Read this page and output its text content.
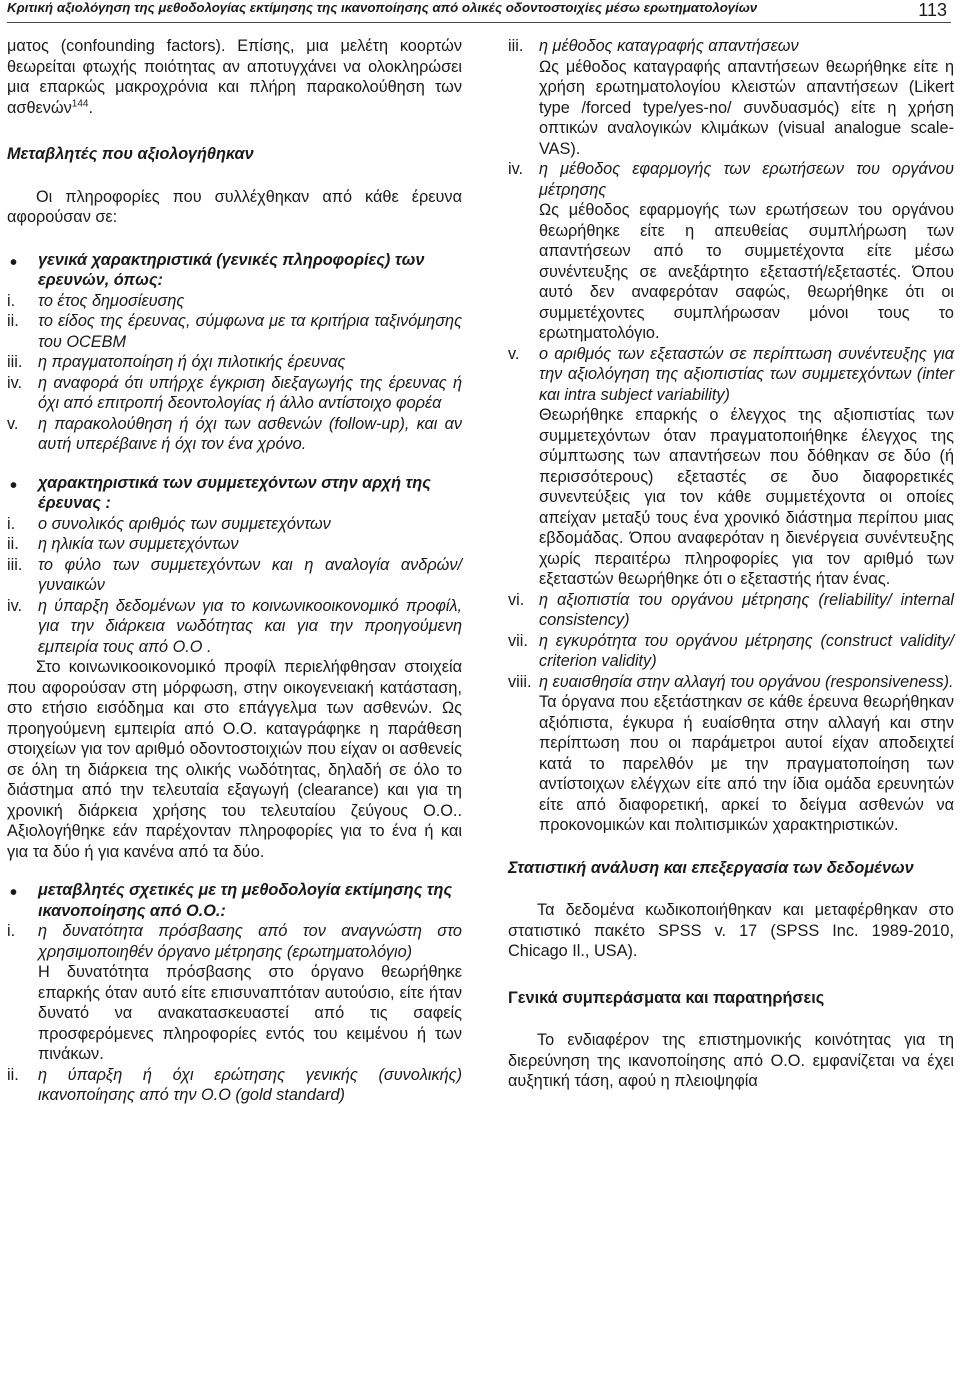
Κριτική αξιολόγηση της μεθοδολογίας εκτίμησης της ικανοποίησης από ολικές οδοντοστοιχίες μέσω ερωτηματολογίων	113

ματος (confounding factors). Επίσης, μια μελέτη κοορτών θεωρείται φτωχής ποιότητας αν αποτυγχάνει να ολοκληρώσει μια επαρκώς μακροχρόνια και πλήρη παρακολούθηση των ασθενών$^{144}$.

Μεταβλητές που αξιολογήθηκαν

Οι πληροφορίες που συλλέχθηκαν από κάθε έρευνα αφορούσαν σε:

• γενικά χαρακτηριστικά (γενικές πληροφορίες) των ερευνών, όπως:
i. το έτος δημοσίευσης
ii. το είδος της έρευνας, σύμφωνα με τα κριτήρια ταξινόμησης του OCEBM
iii. η πραγματοποίηση ή όχι πιλοτικής έρευνας
iv. η αναφορά ότι υπήρχε έγκριση διεξαγωγής της έρευνας ή όχι από επιτροπή δεοντολογίας ή άλλο αντίστοιχο φορέα
v. η παρακολούθηση ή όχι των ασθενών (follow-up), και αν αυτή υπερέβαινε ή όχι τον ένα χρόνο.
• χαρακτηριστικά των συμμετεχόντων στην αρχή της έρευνας :
i. ο συνολικός αριθμός των συμμετεχόντων
ii. η ηλικία των συμμετεχόντων
iii. το φύλο των συμμετεχόντων και η αναλογία ανδρών/γυναικών
iv. η ύπαρξη δεδομένων για το κοινωνικοοικονομικό προφίλ, για την διάρκεια νωδότητας και για την προηγούμενη εμπειρία τους από Ο.Ο .

Στο κοινωνικοοικονομικό προφίλ περιελήφθησαν στοιχεία που αφορούσαν στη μόρφωση, στην οικογενειακή κατάσταση, στο ετήσιο εισόδημα και στο επάγγελμα των ασθενών. Ως προηγούμενη εμπειρία από Ο.Ο. καταγράφηκε η παράθεση στοιχείων για τον αριθμό οδοντοστοιχιών που είχαν οι ασθενείς σε όλη τη διάρκεια της ολικής νωδότητας, δηλαδή σε όλο το διάστημα από την τελευταία εξαγωγή (clearance) και για τη χρονική διάρκεια χρήσης του τελευταίου ζεύγους Ο.Ο.. Αξιολογήθηκε εάν παρέχονταν πληροφορίες για το ένα ή και για τα δύο ή για κανένα από τα δύο.

• μεταβλητές σχετικές με τη μεθοδολογία εκτίμησης της ικανοποίησης από Ο.Ο.:
i. η δυνατότητα πρόσβασης από τον αναγνώστη στο χρησιμοποιηθέν όργανο μέτρησης (ερωτηματολόγιο)

Η δυνατότητα πρόσβασης στο όργανο θεωρήθηκε επαρκής όταν αυτό είτε επισυναπτόταν αυτούσιο, είτε ήταν δυνατό να ανακατασκευαστεί από τις σαφείς προσφερόμενες πληροφορίες εντός του κειμένου ή των πινάκων.

ii. η ύπαρξη ή όχι ερώτησης γενικής (συνολικής) ικανοποίησης από την Ο.Ο (gold standard)
iii. η μέθοδος καταγραφής απαντήσεων

Ως μέθοδος καταγραφής απαντήσεων θεωρήθηκε είτε η χρήση ερωτηματολογίου κλειστών απαντήσεων (Likert type /forced type/yes-no/ συνδυασμός) είτε η χρήση οπτικών αναλογικών κλιμάκων (visual analogue scale- VAS).

iv. η μέθοδος εφαρμογής των ερωτήσεων του οργάνου μέτρησης

Ως μέθοδος εφαρμογής των ερωτήσεων του οργάνου θεωρήθηκε είτε η απευθείας συμπλήρωση των απαντήσεων από το συμμετέχοντα είτε μέσω συνέντευξης σε ανεξάρτητο εξεταστή/εξεταστές. Όπου αυτό δεν αναφερόταν σαφώς, θεωρήθηκε ότι οι συμμετέχοντες συμπλήρωσαν μόνοι τους το ερωτηματολόγιο.

v. ο αριθμός των εξεταστών σε περίπτωση συνέντευξης για την αξιολόγηση της αξιοπιστίας των συμμετεχόντων (inter και intra subject variability)

Θεωρήθηκε επαρκής ο έλεγχος της αξιοπιστίας των συμμετεχόντων όταν πραγματοποιήθηκε έλεγχος της σύμπτωσης των απαντήσεων που δόθηκαν σε δύο (ή περισσότερους) εξεταστές σε δυο διαφορετικές συνεντεύξεις για τον κάθε συμμετέχοντα οι οποίες απείχαν μεταξύ τους ένα χρονικό διάστημα περίπου μιας εβδομάδας. Όπου αναφερόταν η διενέργεια συνέντευξης χωρίς περαιτέρω πληροφορίες για τον αριθμό των εξεταστών θεωρήθηκε ότι ο εξεταστής ήταν ένας.

vi. η αξιοπιστία του οργάνου μέτρησης (reliability/ internal consistency)
vii. η εγκυρότητα του οργάνου μέτρησης (construct validity/ criterion validity)
viii. η ευαισθησία στην αλλαγή του οργάνου (responsiveness).

Τα όργανα που εξετάστηκαν σε κάθε έρευνα θεωρήθηκαν αξιόπιστα, έγκυρα ή ευαίσθητα στην αλλαγή και στην περίπτωση που οι παράμετροι αυτοί είχαν αποδειχτεί κατά το παρελθόν με την πραγματοποίηση των αντίστοιχων ελέγχων είτε από την ίδια ομάδα ερευνητών είτε από διαφορετική, αρκεί το δείγμα ασθενών να προκονομικών και πολιτισμικών χαρακτηριστικών.

Στατιστική ανάλυση και επεξεργασία των δεδομένων

Τα δεδομένα κωδικοποιήθηκαν και μεταφέρθηκαν στο στατιστικό πακέτο SPSS v. 17 (SPSS Inc. 1989-2010, Chicago Il., USA).

Γενικά συμπεράσματα και παρατηρήσεις

Το ενδιαφέρον της επιστημονικής κοινότητας για τη διερεύνηση της ικανοποίησης από Ο.Ο. εμφανίζεται να έχει αυξητική τάση, αφού η πλειοψηφία
